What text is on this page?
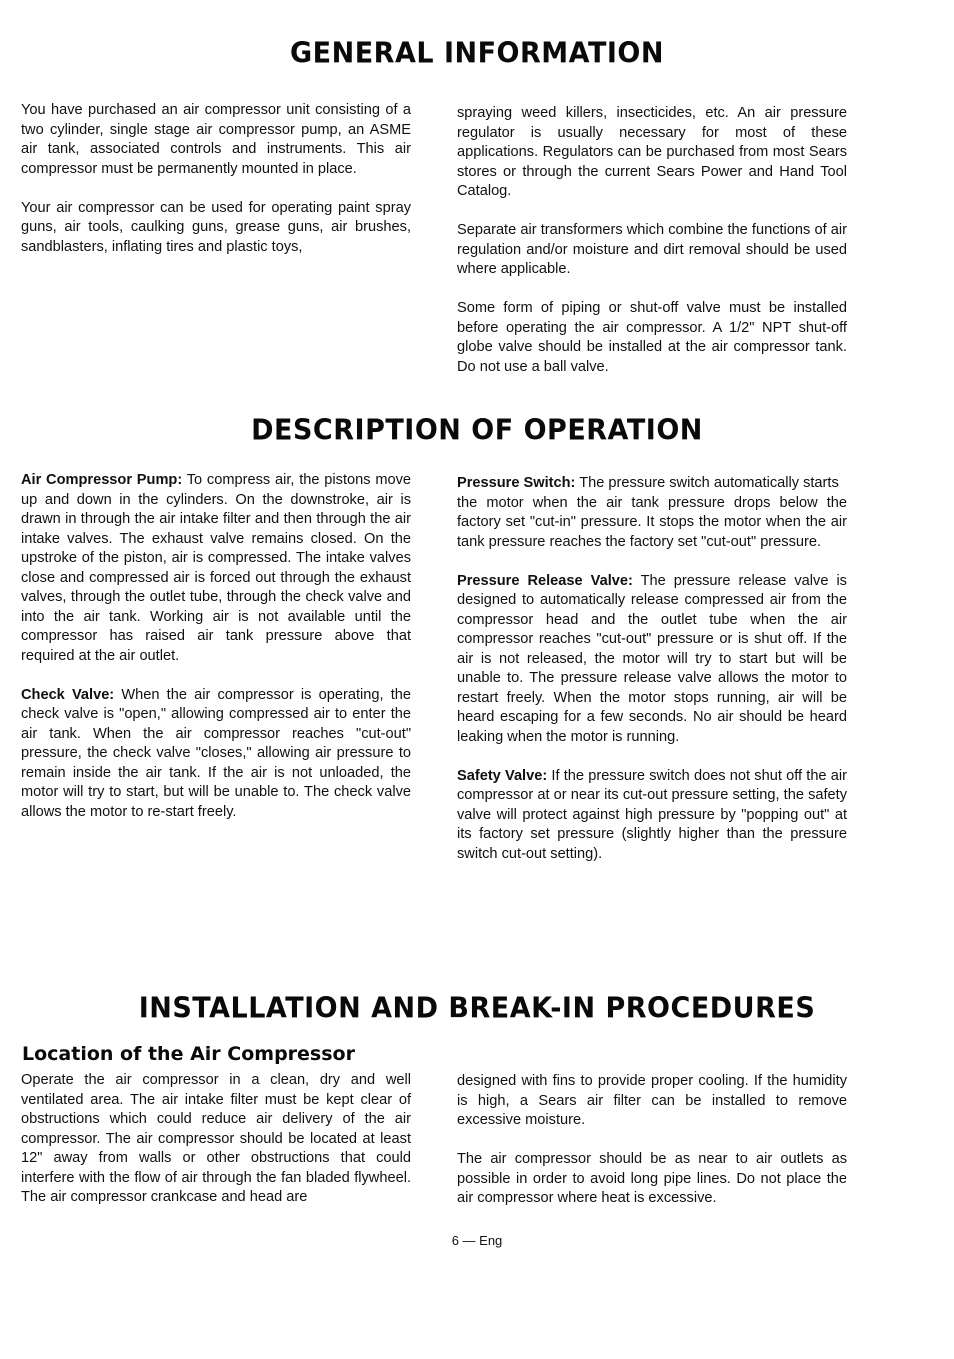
GENERAL INFORMATION

You have purchased an air compressor unit consisting of a two cylinder, single stage air compressor pump, an ASME air tank, associated controls and instruments. This air compressor must be permanently mounted in place.

Your air compressor can be used for operating paint spray guns, air tools, caulking guns, grease guns, air brushes, sandblasters, inflating tires and plastic toys,

spraying weed killers, insecticides, etc. An air pressure regulator is usually necessary for most of these applications. Regulators can be purchased from most Sears stores or through the current Sears Power and Hand Tool Catalog.

Separate air transformers which combine the functions of air regulation and/or moisture and dirt removal should be used where applicable.

Some form of piping or shut-off valve must be installed before operating the air compressor. A 1/2" NPT shut-off globe valve should be installed at the air compressor tank. Do not use a ball valve.

DESCRIPTION OF OPERATION

Air Compressor Pump: To compress air, the pistons move up and down in the cylinders. On the downstroke, air is drawn in through the air intake filter and then through the air intake valves. The exhaust valve remains closed. On the upstroke of the piston, air is compressed. The intake valves close and compressed air is forced out through the exhaust valves, through the outlet tube, through the check valve and into the air tank. Working air is not available until the compressor has raised air tank pressure above that required at the air outlet.

Check Valve: When the air compressor is operating, the check valve is "open," allowing compressed air to enter the air tank. When the air compressor reaches "cut-out" pressure, the check valve "closes," allowing air pressure to remain inside the air tank. If the air is not unloaded, the motor will try to start, but will be unable to. The check valve allows the motor to re-start freely.

Pressure Switch: The pressure switch automatically starts
the motor when the air tank pressure drops below the factory set "cut-in" pressure. It stops the motor when the air tank pressure reaches the factory set "cut-out" pressure.

Pressure Release Valve: The pressure release valve is designed to automatically release compressed air from the compressor head and the outlet tube when the air compressor reaches "cut-out" pressure or is shut off. If the air is not released, the motor will try to start but will be unable to. The pressure release valve allows the motor to restart freely. When the motor stops running, air will be heard escaping for a few seconds. No air should be heard leaking when the motor is running.

Safety Valve: If the pressure switch does not shut off the air compressor at or near its cut-out pressure setting, the safety valve will protect against high pressure by "popping out" at its factory set pressure (slightly higher than the pressure switch cut-out setting).

INSTALLATION AND BREAK-IN PROCEDURES
Location of the Air Compressor

Operate the air compressor in a clean, dry and well ventilated area. The air intake filter must be kept clear of obstructions which could reduce air delivery of the air compressor. The air compressor should be located at least 12" away from walls or other obstructions that could interfere with the flow of air through the fan bladed flywheel. The air compressor crankcase and head are

designed with fins to provide proper cooling. If the humidity is high, a Sears air filter can be installed to remove excessive moisture.

The air compressor should be as near to air outlets as possible in order to avoid long pipe lines. Do not place the air compressor where heat is excessive.

6 — Eng
